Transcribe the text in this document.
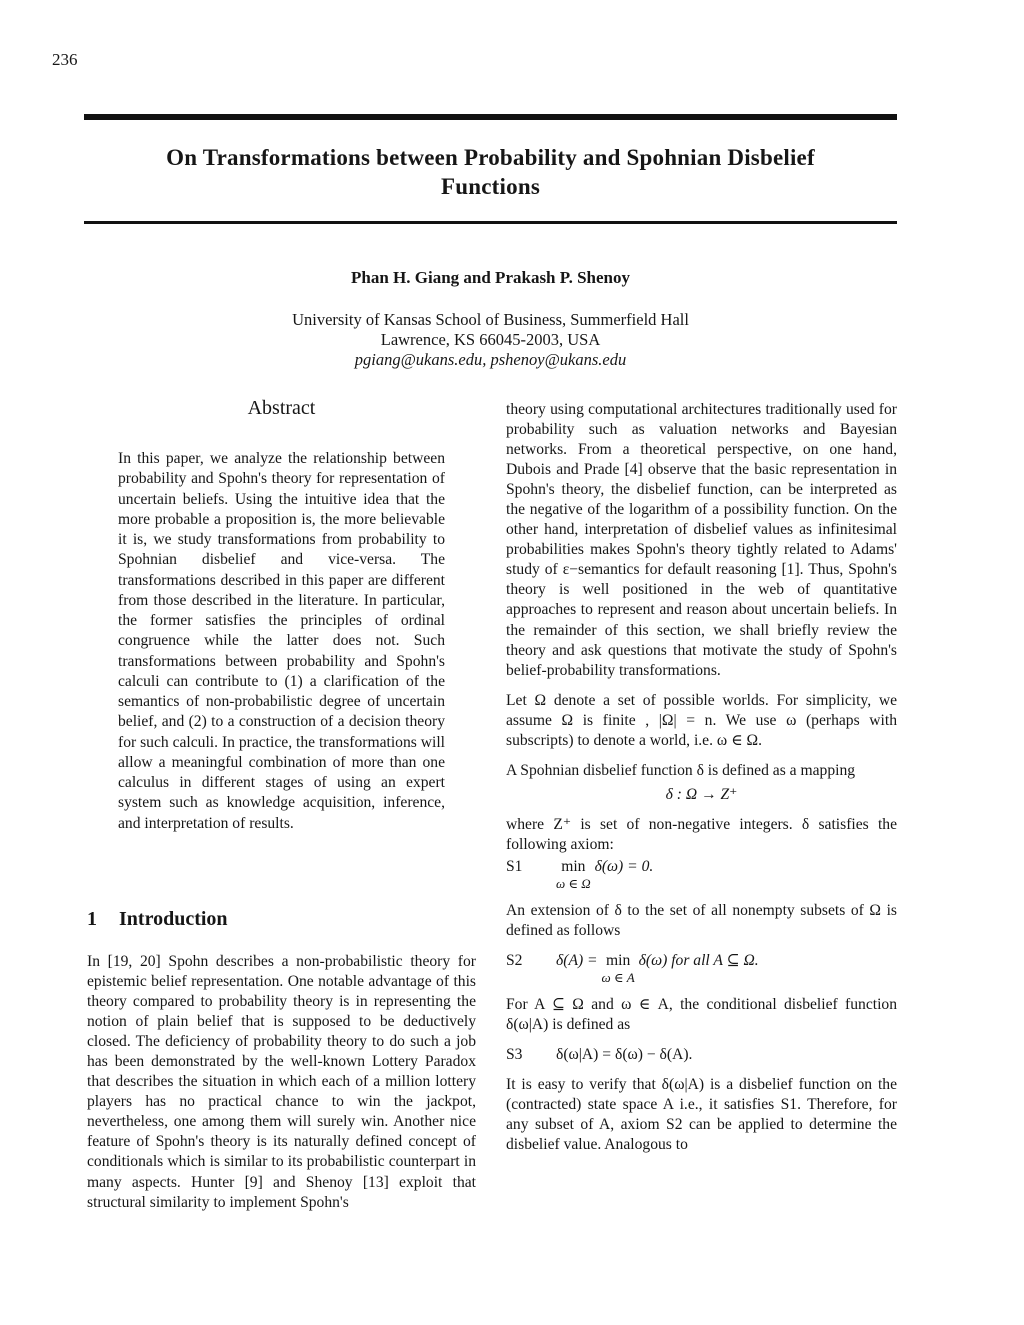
236
On Transformations between Probability and Spohnian Disbelief
Functions
Phan H. Giang and Prakash P. Shenoy
University of Kansas School of Business, Summerfield Hall
Lawrence, KS 66045-2003, USA
pgiang@ukans.edu, pshenoy@ukans.edu
Abstract
In this paper, we analyze the relationship between probability and Spohn's theory for representation of uncertain beliefs. Using the intuitive idea that the more probable a proposition is, the more believable it is, we study transformations from probability to Spohnian disbelief and vice-versa. The transformations described in this paper are different from those described in the literature. In particular, the former satisfies the principles of ordinal congruence while the latter does not. Such transformations between probability and Spohn's calculi can contribute to (1) a clarification of the semantics of non-probabilistic degree of uncertain belief, and (2) to a construction of a decision theory for such calculi. In practice, the transformations will allow a meaningful combination of more than one calculus in different stages of using an expert system such as knowledge acquisition, inference, and interpretation of results.
1 Introduction
In [19, 20] Spohn describes a non-probabilistic theory for epistemic belief representation. One notable advantage of this theory compared to probability theory is in representing the notion of plain belief that is supposed to be deductively closed. The deficiency of probability theory to do such a job has been demonstrated by the well-known Lottery Paradox that describes the situation in which each of a million lottery players has no practical chance to win the jackpot, nevertheless, one among them will surely win. Another nice feature of Spohn's theory is its naturally defined concept of conditionals which is similar to its probabilistic counterpart in many aspects. Hunter [9] and Shenoy [13] exploit that structural similarity to implement Spohn's

theory using computational architectures traditionally used for probability such as valuation networks and Bayesian networks. From a theoretical perspective, on one hand, Dubois and Prade [4] observe that the basic representation in Spohn's theory, the disbelief function, can be interpreted as the negative of the logarithm of a possibility function. On the other hand, interpretation of disbelief values as infinitesimal probabilities makes Spohn's theory tightly related to Adams' study of ε−semantics for default reasoning [1]. Thus, Spohn's theory is well positioned in the web of quantitative approaches to represent and reason about uncertain beliefs. In the remainder of this section, we shall briefly review the theory and ask questions that motivate the study of Spohn's belief-probability transformations.

Let Ω denote a set of possible worlds. For simplicity, we assume Ω is finite , |Ω| = n. We use ω (perhaps with subscripts) to denote a world, i.e. ω ∈ Ω.

A Spohnian disbelief function δ is defined as a mapping

δ : Ω → Z⁺

where Z⁺ is set of non-negative integers. δ satisfies the following axiom:

S1	min
ω ∈ Ω
δ(ω) = 0.

An extension of δ to the set of all nonempty subsets of Ω is defined as follows

S2	δ(A) = min
ω ∈ A
δ(ω) for all A ⊆ Ω.

For A ⊆ Ω and ω ∈ A, the conditional disbelief function δ(ω|A) is defined as

S3	δ(ω|A) = δ(ω) − δ(A).

It is easy to verify that δ(ω|A) is a disbelief function on the (contracted) state space A i.e., it satisfies S1. Therefore, for any subset of A, axiom S2 can be applied to determine the disbelief value. Analogous to
